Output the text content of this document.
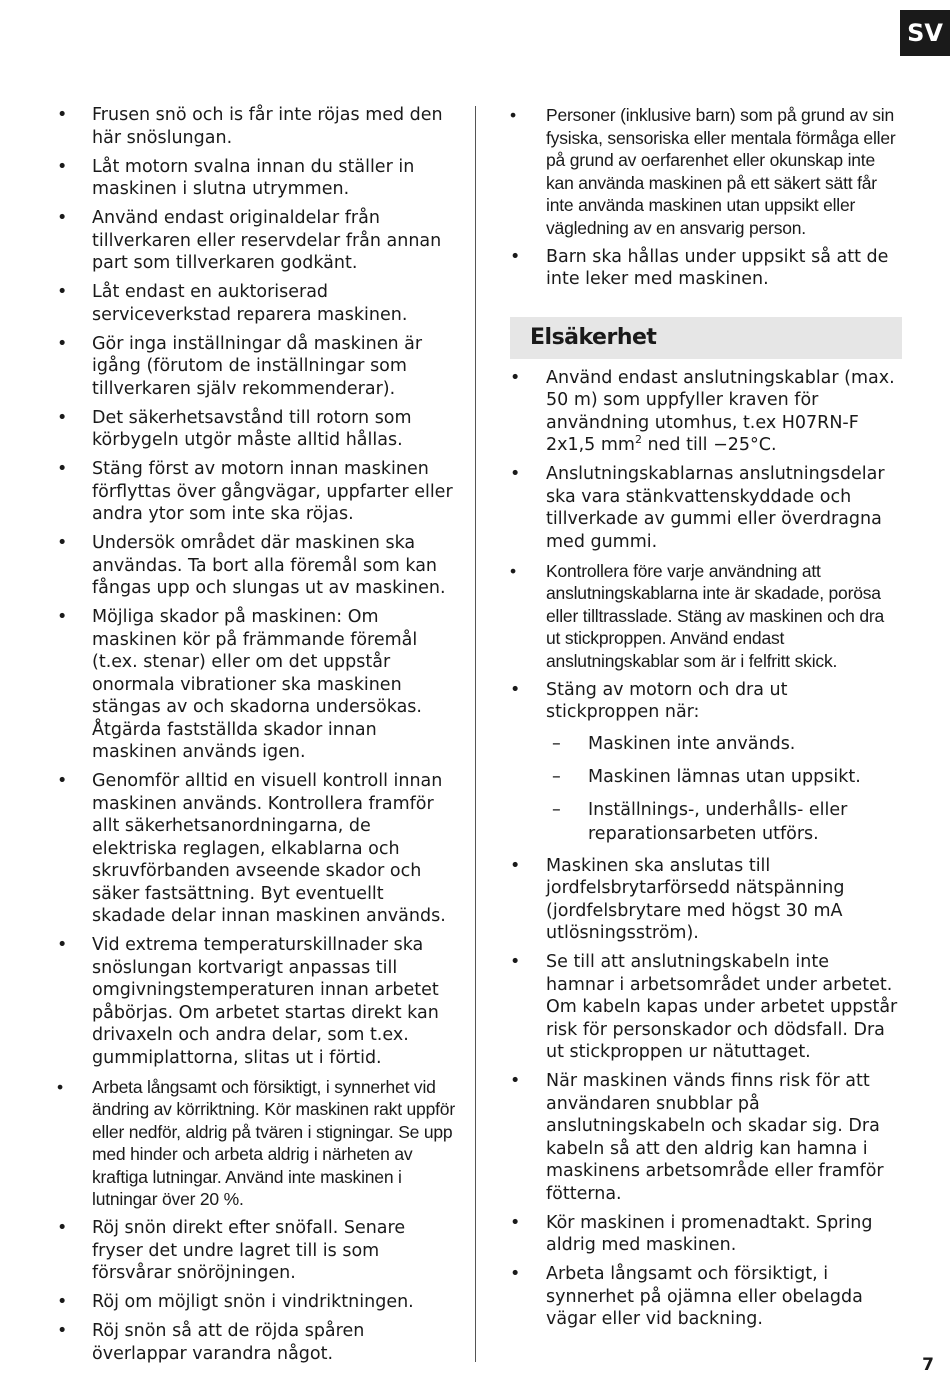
SV
• Frusen snö och is får inte röjas med den här snöslungan.
• Låt motorn svalna innan du ställer in maskinen i slutna utrymmen.
• Använd endast originaldelar från tillverkaren eller reservdelar från annan part som tillverkaren godkänt.
• Låt endast en auktoriserad serviceverkstad reparera maskinen.
• Gör inga inställningar då maskinen är igång (förutom de inställningar som tillverkaren själv rekommenderar).
• Det säkerhetsavstånd till rotorn som körbygeln utgör måste alltid hållas.
• Stäng först av motorn innan maskinen förflyttas över gångvägar, uppfarter eller andra ytor som inte ska röjas.
• Undersök området där maskinen ska användas. Ta bort alla föremål som kan fångas upp och slungas ut av maskinen.
• Möjliga skador på maskinen: Om maskinen kör på främmande föremål (t.ex. stenar) eller om det uppstår onormala vibrationer ska maskinen stängas av och skadorna undersökas. Åtgärda fastställda skador innan maskinen används igen.
• Genomför alltid en visuell kontroll innan maskinen används. Kontrollera framför allt säkerhetsanordningarna, de elektriska reglagen, elkablarna och skruvförbanden avseende skador och säker fastsättning. Byt eventuellt skadade delar innan maskinen används.
• Vid extrema temperaturskillnader ska snöslungan kortvarigt anpassas till omgivningstemperaturen innan arbetet påbörjas. Om arbetet startas direkt kan drivaxeln och andra delar, som t.ex. gummiplattorna, slitas ut i förtid.
• Arbeta långsamt och försiktigt, i synnerhet vid ändring av körriktning. Kör maskinen rakt uppför eller nedför, aldrig på tvären i stigningar. Se upp med hinder och arbeta aldrig i närheten av kraftiga lutningar. Använd inte maskinen i lutningar över 20 %.
• Röj snön direkt efter snöfall. Senare fryser det undre lagret till is som försvårar snöröjningen.
• Röj om möjligt snön i vindriktningen.
• Röj snön så att de röjda spåren överlappar varandra något.
• Personer (inklusive barn) som på grund av sin fysiska, sensoriska eller mentala förmåga eller på grund av oerfarenhet eller okunskap inte kan använda maskinen på ett säkert sätt får inte använda maskinen utan uppsikt eller vägledning av en ansvarig person.
• Barn ska hållas under uppsikt så att de inte leker med maskinen.
Elsäkerhet
• Använd endast anslutningskablar (max. 50 m) som uppfyller kraven för användning utomhus, t.ex H07RN-F 2x1,5 $mm^2$ ned till −25°C.
• Anslutningskablarnas anslutningsdelar ska vara stänkvattenskyddade och tillverkade av gummi eller överdragna med gummi.
• Kontrollera före varje användning att anslutningskablarna inte är skadade, porösa eller tilltrasslade. Stäng av maskinen och dra ut stickproppen. Använd endast anslutningskablar som är i felfritt skick.
• Stäng av motorn och dra ut stickproppen när:
– Maskinen inte används.
– Maskinen lämnas utan uppsikt.
– Inställnings-, underhålls- eller reparationsarbeten utförs.
• Maskinen ska anslutas till jordfelsbrytarförsedd nätspänning (jordfelsbrytare med högst 30 mA utlösningsström).
• Se till att anslutningskabeln inte hamnar i arbetsområdet under arbetet. Om kabeln kapas under arbetet uppstår risk för personskador och dödsfall. Dra ut stickproppen ur nätuttaget.
• När maskinen vänds finns risk för att användaren snubblar på anslutningskabeln och skadar sig. Dra kabeln så att den aldrig kan hamna i maskinens arbetsområde eller framför fötterna.
• Kör maskinen i promenadtakt. Spring aldrig med maskinen.
• Arbeta långsamt och försiktigt, i synnerhet på ojämna eller obelagda vägar eller vid backning.
7
